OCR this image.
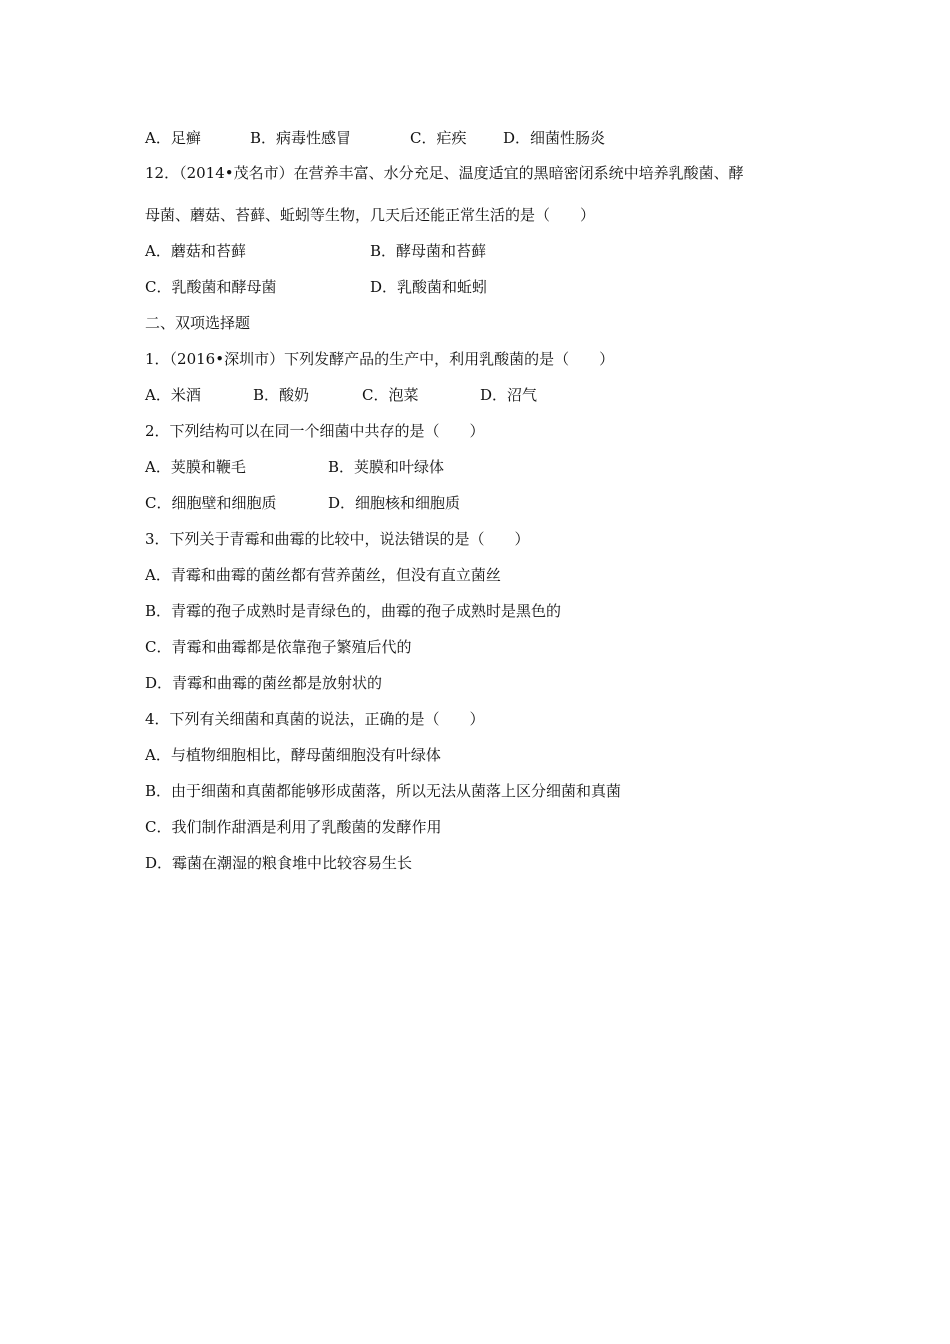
A．足癣	B．病毒性感冒	C．疟疾 D．细菌性肠炎
12．（2014•茂名市）在营养丰富、水分充足、温度适宜的黑暗密闭系统中培养乳酸菌、酵
母菌、蘑菇、苔藓、蚯蚓等生物，几天后还能正常生活的是（　　）
A．蘑菇和苔藓	B．酵母菌和苔藓
C．乳酸菌和酵母菌	D．乳酸菌和蚯蚓
二、双项选择题
1．（2016•深圳市）下列发酵产品的生产中，利用乳酸菌的是（　　）
A．米酒	B．酸奶	C．泡菜	D．沼气
2．下列结构可以在同一个细菌中共存的是（　　）
A．荚膜和鞭毛	B．荚膜和叶绿体
C．细胞壁和细胞质	D．细胞核和细胞质
3．下列关于青霉和曲霉的比较中，说法错误的是（　　）
A．青霉和曲霉的菌丝都有营养菌丝，但没有直立菌丝
B．青霉的孢子成熟时是青绿色的，曲霉的孢子成熟时是黑色的
C．青霉和曲霉都是依靠孢子繁殖后代的
D．青霉和曲霉的菌丝都是放射状的
4．下列有关细菌和真菌的说法，正确的是（　　）
A．与植物细胞相比，酵母菌细胞没有叶绿体
B．由于细菌和真菌都能够形成菌落，所以无法从菌落上区分细菌和真菌
C．我们制作甜酒是利用了乳酸菌的发酵作用
D．霉菌在潮湿的粮食堆中比较容易生长
